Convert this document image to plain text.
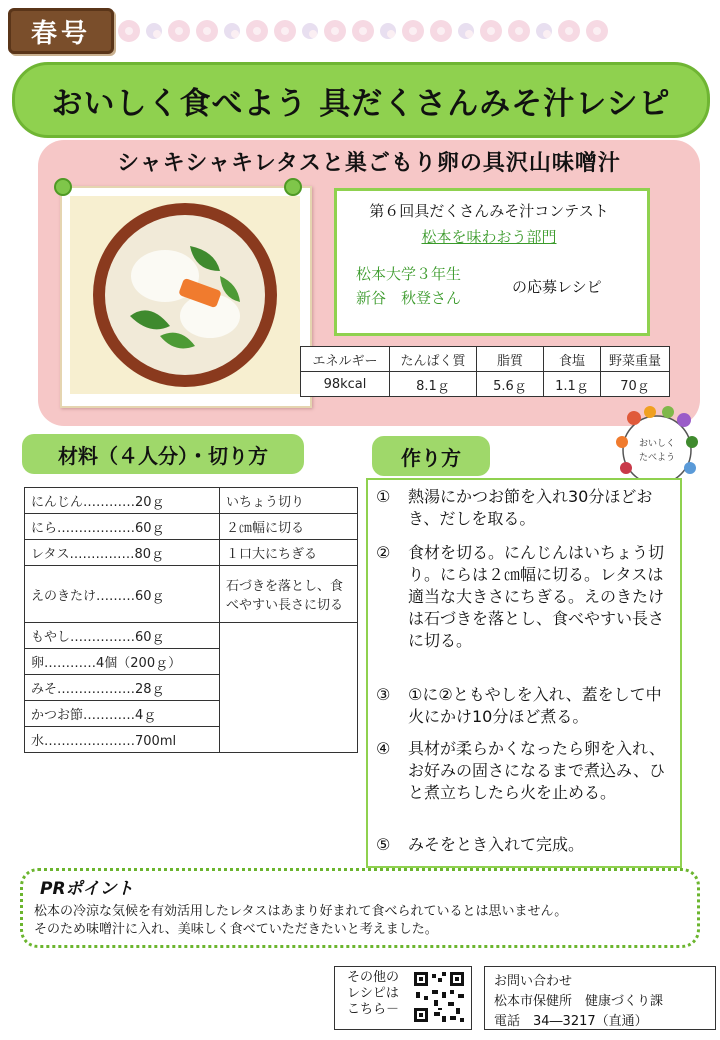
春号
おいしく食べよう 具だくさんみそ汁レシピ
シャキシャキレタスと巣ごもり卵の具沢山味噌汁
第６回具だくさんみそ汁コンテスト
松本を味わおう部門
松本大学３年生
新谷　秋登さん
の応募レシピ
エネルギー	たんぱく質	脂質	食塩	野菜重量
98kcal	8.1ｇ	5.6ｇ	1.1ｇ	70ｇ
おいしく
たべよう
材料（４人分）・切り方	作り方
にんじん…………20ｇ	いちょう切り
にら………………60ｇ	２㎝幅に切る
レタス……………80ｇ	１口大にちぎる
えのきたけ………60ｇ	石づきを落とし、食べやすい長さに切る
もやし……………60ｇ	
卵…………4個（200ｇ）	
みそ………………28ｇ	
かつお節…………4ｇ	
水…………………700ml	
①	熱湯にかつお節を入れ30分ほどおき、だしを取る。
②	食材を切る。にんじんはいちょう切り。にらは２㎝幅に切る。レタスは適当な大きさにちぎる。えのきたけは石づきを落とし、食べやすい長さに切る。
③	①に②ともやしを入れ、蓋をして中火にかけ10分ほど煮る。
④	具材が柔らかくなったら卵を入れ、お好みの固さになるまで煮込み、ひと煮立ちしたら火を止める。
⑤	みそをとき入れて完成。
PRポイント
松本の冷涼な気候を有効活用したレタスはあまり好まれて食べられているとは思いません。
そのため味噌汁に入れ、美味しく食べていただきたいと考えました。
その他の
レシピは
こちら－
お問い合わせ
松本市保健所　健康づくり課
電話　34―3217（直通）
